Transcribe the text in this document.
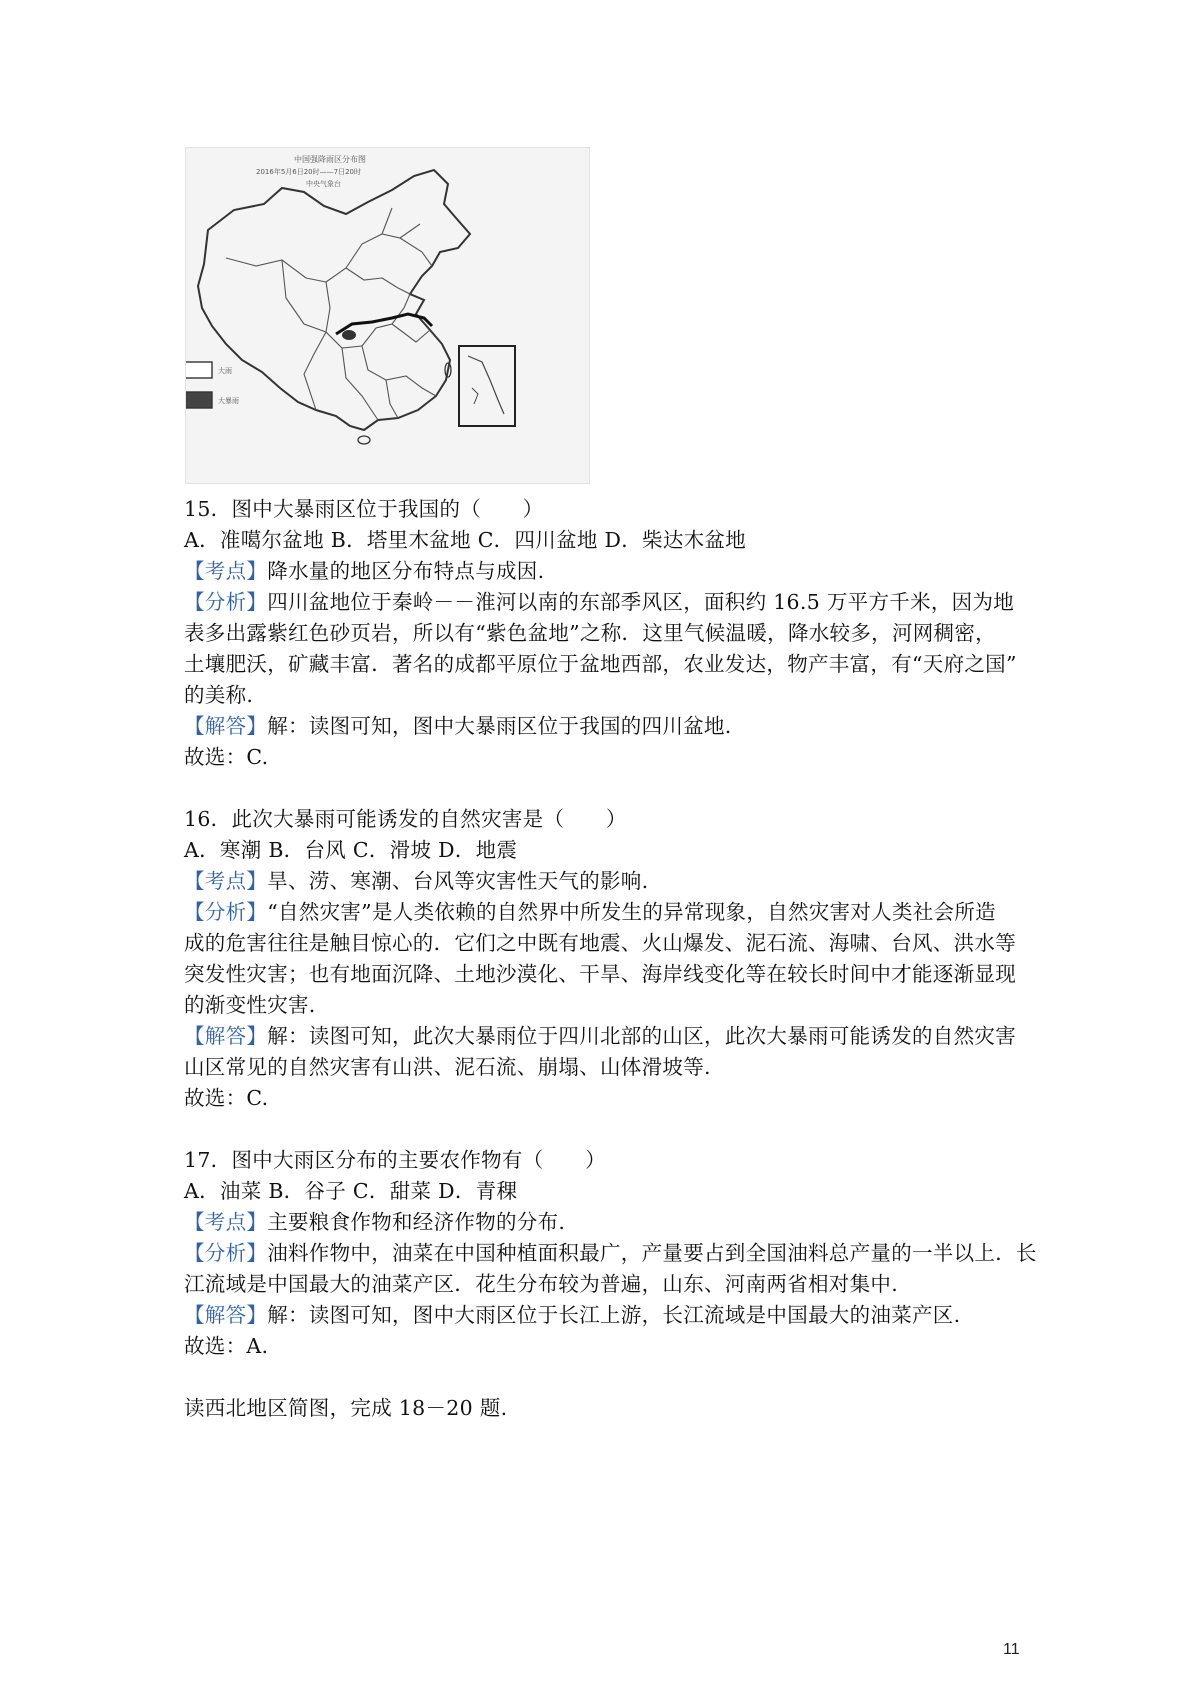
中国强降雨区分布图
2016年5月6日20时——7日20时
中央气象台
大雨
大暴雨
15．图中大暴雨区位于我国的（　　）
A．准噶尔盆地 B．塔里木盆地 C．四川盆地 D．柴达木盆地
【考点】降水量的地区分布特点与成因.
【分析】四川盆地位于秦岭－－淮河以南的东部季风区，面积约 16.5 万平方千米，因为地
表多出露紫红色砂页岩，所以有“紫色盆地”之称．这里气候温暖，降水较多，河网稠密，
土壤肥沃，矿藏丰富．著名的成都平原位于盆地西部，农业发达，物产丰富，有“天府之国”
的美称.
【解答】解：读图可知，图中大暴雨区位于我国的四川盆地.
故选：C.
16．此次大暴雨可能诱发的自然灾害是（　　）
A．寒潮 B．台风 C．滑坡 D．地震
【考点】旱、涝、寒潮、台风等灾害性天气的影响.
【分析】“自然灾害”是人类依赖的自然界中所发生的异常现象，自然灾害对人类社会所造
成的危害往往是触目惊心的．它们之中既有地震、火山爆发、泥石流、海啸、台风、洪水等
突发性灾害；也有地面沉降、土地沙漠化、干旱、海岸线变化等在较长时间中才能逐渐显现
的渐变性灾害.
【解答】解：读图可知，此次大暴雨位于四川北部的山区，此次大暴雨可能诱发的自然灾害
山区常见的自然灾害有山洪、泥石流、崩塌、山体滑坡等.
故选：C.
17．图中大雨区分布的主要农作物有（　　）
A．油菜 B．谷子 C．甜菜 D．青稞
【考点】主要粮食作物和经济作物的分布.
【分析】油料作物中，油菜在中国种植面积最广，产量要占到全国油料总产量的一半以上．长
江流域是中国最大的油菜产区．花生分布较为普遍，山东、河南两省相对集中.
【解答】解：读图可知，图中大雨区位于长江上游，长江流域是中国最大的油菜产区.
故选：A.
读西北地区简图，完成 18－20 题.
11
